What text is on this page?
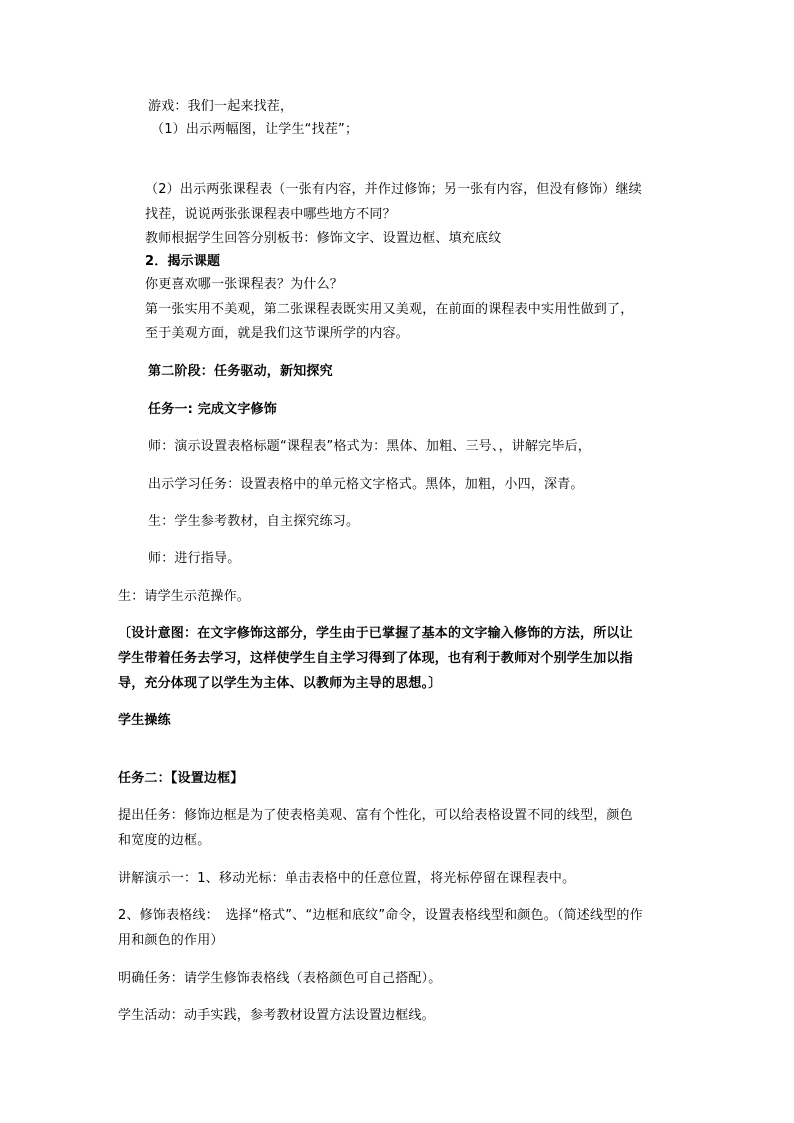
游戏：我们一起来找茬，
（1）出示两幅图，让学生“找茬”；
（2）出示两张课程表（一张有内容，并作过修饰；另一张有内容，但没有修饰）继续
找茬，说说两张张课程表中哪些地方不同？
教师根据学生回答分别板书：修饰文字、设置边框、填充底纹
2．揭示课题
你更喜欢哪一张课程表？为什么？
第一张实用不美观，第二张课程表既实用又美观，在前面的课程表中实用性做到了，
至于美观方面，就是我们这节课所学的内容。
第二阶段：任务驱动，新知探究
任务一: 完成文字修饰
师：演示设置表格标题“课程表”格式为：黑体、加粗、三号、，讲解完毕后，
出示学习任务：设置表格中的单元格文字格式。黑体，加粗，小四，深青。
生：学生参考教材，自主探究练习。
师：进行指导。
生：请学生示范操作。
〔设计意图：在文字修饰这部分，学生由于已掌握了基本的文字输入修饰的方法，所以让
学生带着任务去学习，这样使学生自主学习得到了体现，也有利于教师对个别学生加以指
导，充分体现了以学生为主体、以教师为主导的思想。〕
学生操练
任务二：【设置边框】
提出任务：修饰边框是为了使表格美观、富有个性化，可以给表格设置不同的线型，颜色
和宽度的边框。
讲解演示一：1、移动光标：单击表格中的任意位置，将光标停留在课程表中。
2、修饰表格线：　选择“格式”、“边框和底纹”命令，设置表格线型和颜色。（简述线型的作
用和颜色的作用）
明确任务：请学生修饰表格线（表格颜色可自己搭配）。
学生活动：动手实践，参考教材设置方法设置边框线。
